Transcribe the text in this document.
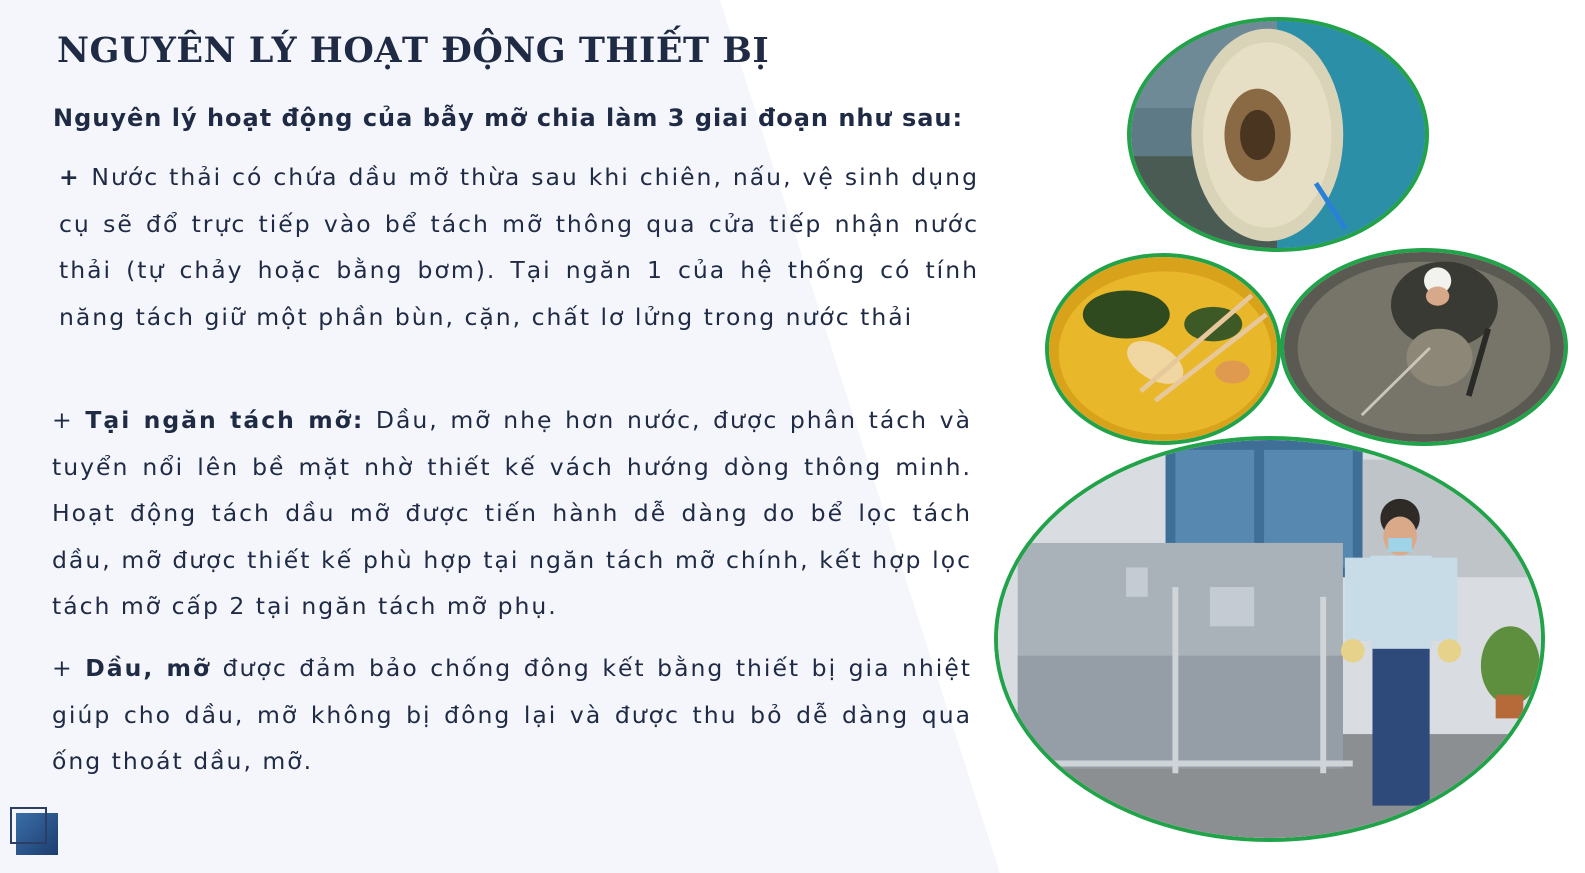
NGUYÊN LÝ HOẠT ĐỘNG THIẾT BỊ
Nguyên lý hoạt động của bẫy mỡ chia làm 3 giai đoạn như sau:
+ Nước thải có chứa dầu mỡ thừa sau khi chiên, nấu, vệ sinh dụng cụ sẽ đổ trực tiếp vào bể tách mỡ thông qua cửa tiếp nhận nước thải (tự chảy hoặc bằng bơm). Tại ngăn 1 của hệ thống có tính năng tách giữ một phần bùn, cặn, chất lơ lửng trong nước thải
+ Tại ngăn tách mỡ: Dầu, mỡ nhẹ hơn nước, được phân tách và tuyển nổi lên bề mặt nhờ thiết kế vách hướng dòng thông minh. Hoạt động tách dầu mỡ được tiến hành dễ dàng do bể lọc tách dầu, mỡ được thiết kế phù hợp tại ngăn tách mỡ chính, kết hợp lọc tách mỡ cấp 2 tại ngăn tách mỡ phụ.
+ Dầu, mỡ được đảm bảo chống đông kết bằng thiết bị gia nhiệt giúp cho dầu, mỡ không bị đông lại và được thu bỏ dễ dàng qua ống thoát dầu, mỡ.
